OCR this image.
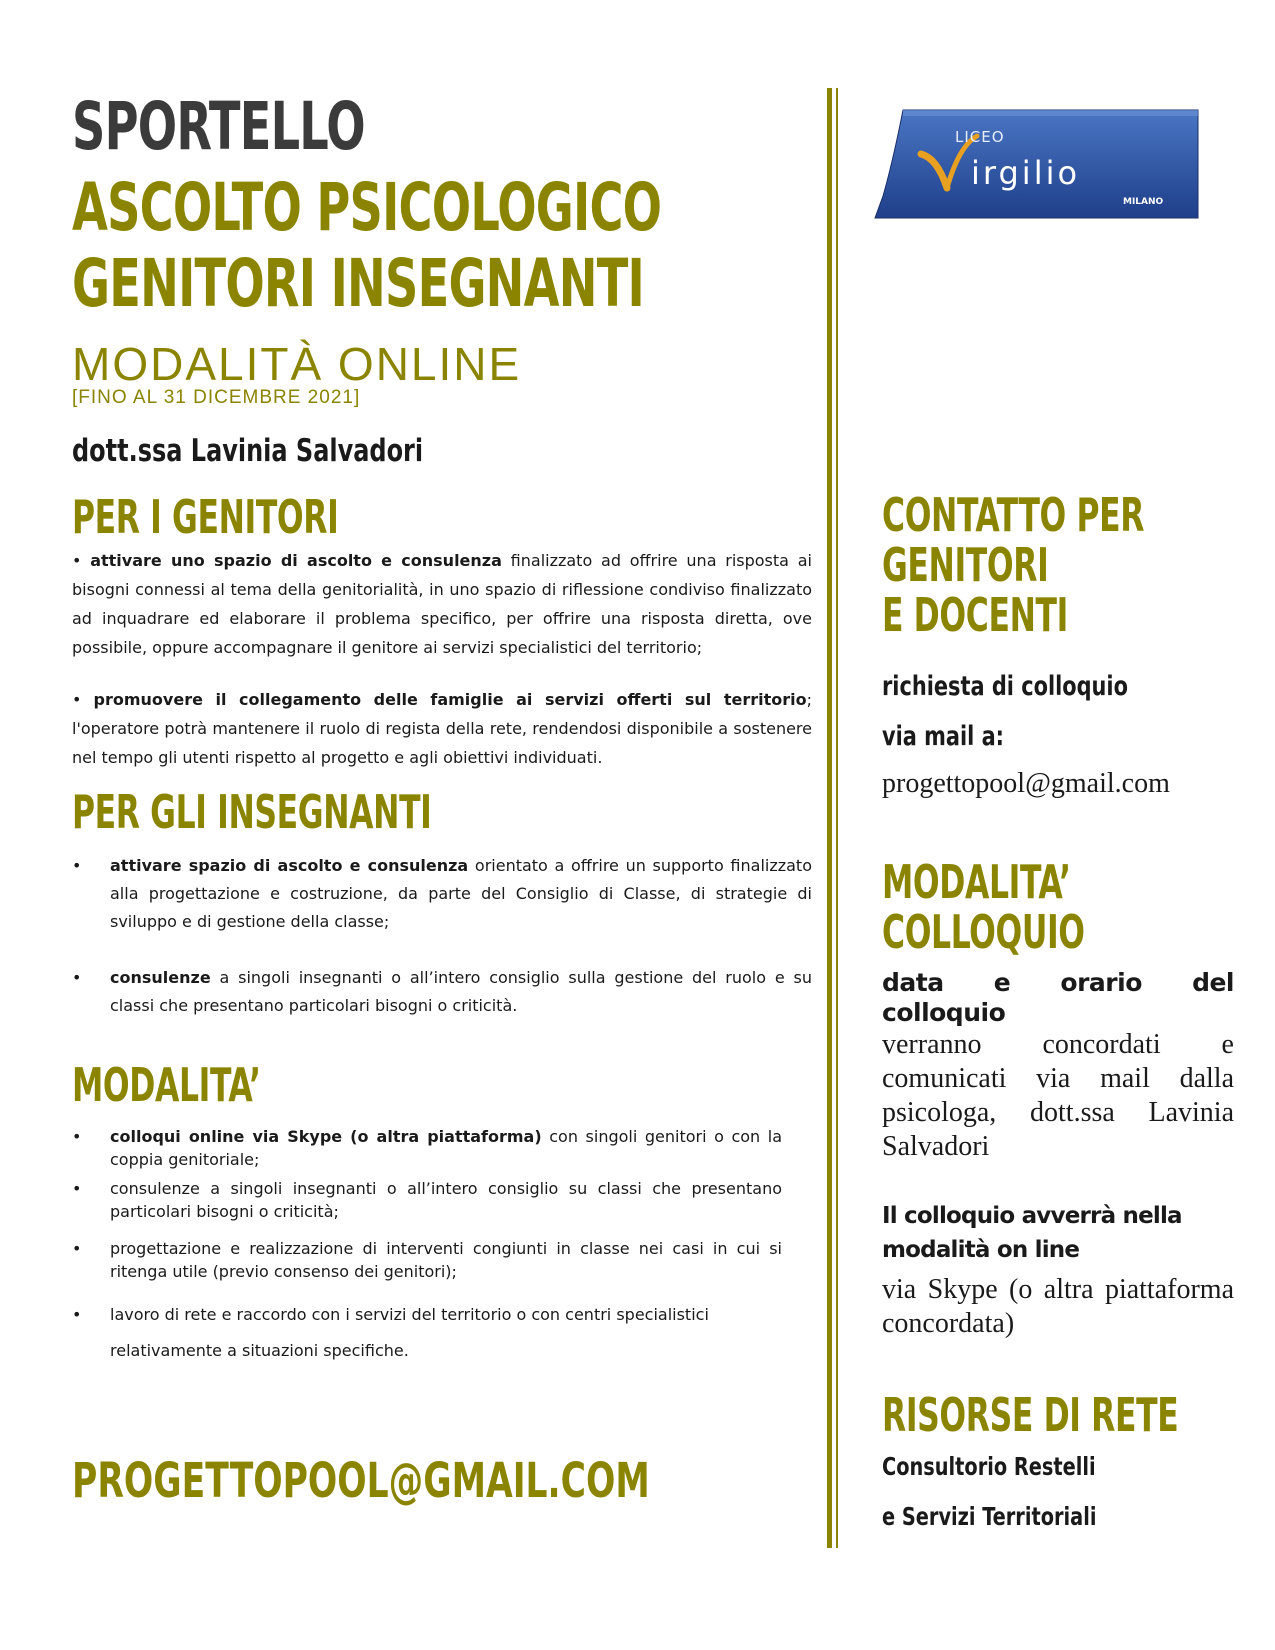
SPORTELLO
ASCOLTO PSICOLOGICO
GENITORI INSEGNANTI
MODALITÀ ONLINE
[FINO AL 31 DICEMBRE 2021]
dott.ssa Lavinia Salvadori
PER I GENITORI
• attivare uno spazio di ascolto e consulenza finalizzato ad offrire una risposta ai bisogni connessi al tema della genitorialità, in uno spazio di riflessione condiviso finalizzato ad inquadrare ed elaborare il problema specifico, per offrire una risposta diretta, ove possibile, oppure accompagnare il genitore ai servizi specialistici del territorio;
• promuovere il collegamento delle famiglie ai servizi offerti sul territorio; l'operatore potrà mantenere il ruolo di regista della rete, rendendosi disponibile a sostenere nel tempo gli utenti rispetto al progetto e agli obiettivi individuati.
PER GLI INSEGNANTI
• attivare spazio di ascolto e consulenza orientato a offrire un supporto finalizzato alla progettazione e costruzione, da parte del Consiglio di Classe, di strategie di sviluppo e di gestione della classe;
• consulenze a singoli insegnanti o all’intero consiglio sulla gestione del ruolo e su classi che presentano particolari bisogni o criticità.
MODALITA’
• colloqui online via Skype (o altra piattaforma) con singoli genitori o con la coppia genitoriale;
• consulenze a singoli insegnanti o all’intero consiglio su classi che presentano particolari bisogni o criticità;
• progettazione e realizzazione di interventi congiunti in classe nei casi in cui si ritenga utile (previo consenso dei genitori);
• lavoro di rete e raccordo con i servizi del territorio o con centri specialistici
relativamente a situazioni specifiche.
PROGETTOPOOL@GMAIL.COM
LICEO
irgilio
MILANO
CONTATTO PER
GENITORI
E DOCENTI
richiesta di colloquio
via mail a:
progettopool@gmail.com
MODALITA’
COLLOQUIO
data e orario del colloquio
verranno concordati e comunicati via mail dalla psicologa, dott.ssa Lavinia Salvadori
Il colloquio avverrà nella modalità on line
via Skype (o altra piattaforma concordata)
RISORSE DI RETE
Consultorio Restelli
e Servizi Territoriali
